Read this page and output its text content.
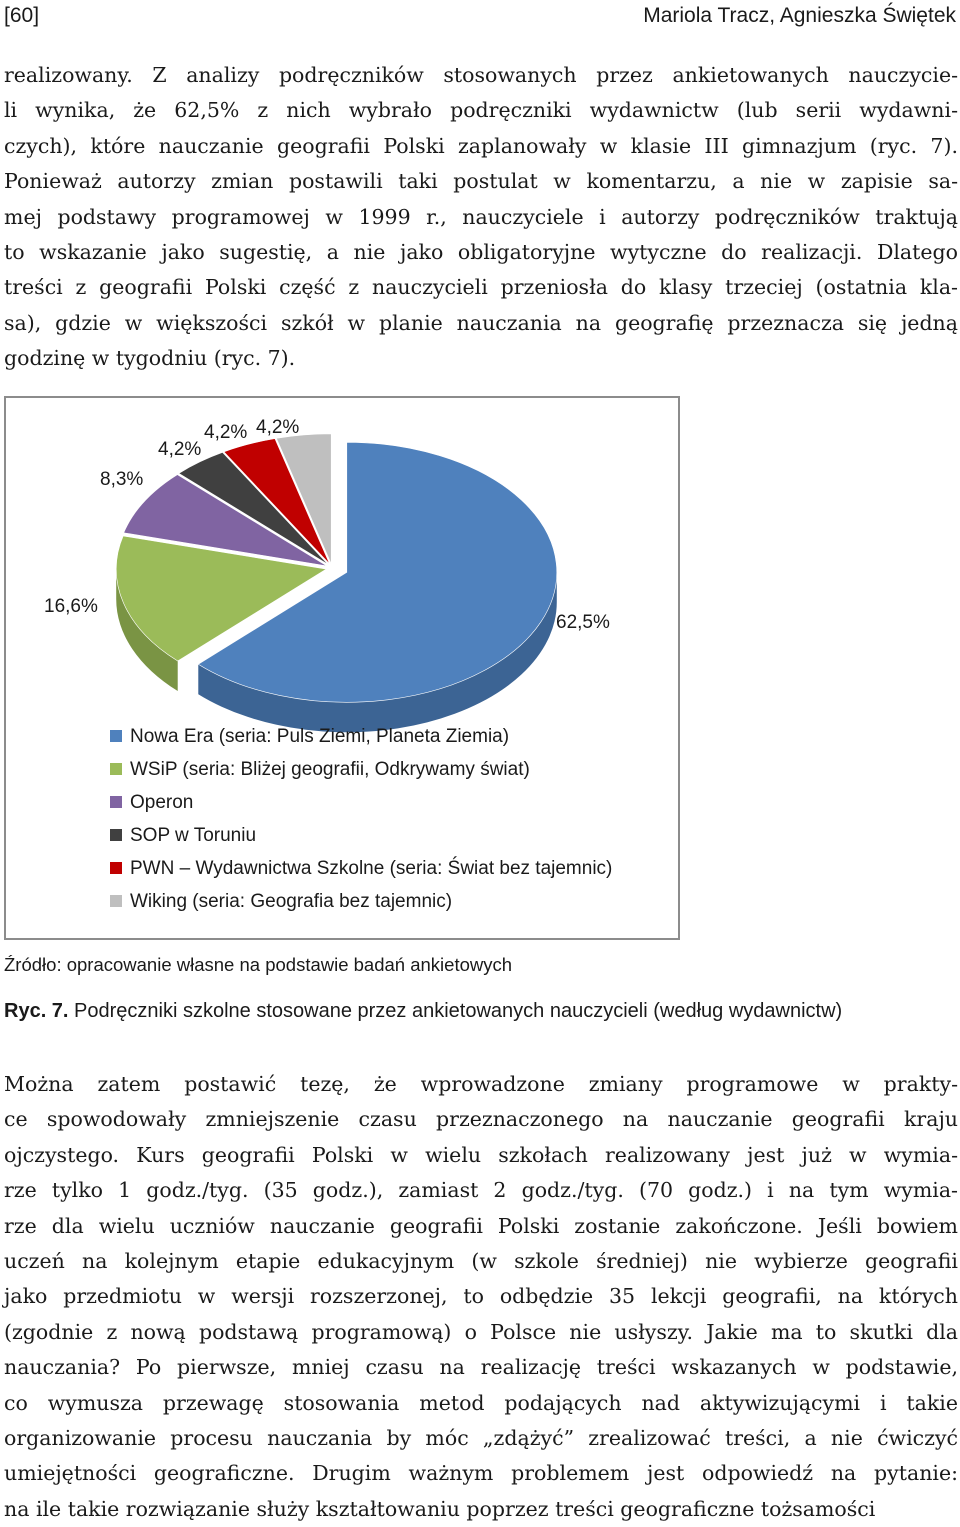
[60]	Mariola Tracz, Agnieszka Świętek
realizowany. Z analizy podręczników stosowanych przez ankietowanych nauczycie-
li wynika, że 62,5% z nich wybrało podręczniki wydawnictw (lub serii wydawni-
czych), które nauczanie geografii Polski zaplanowały w klasie III gimnazjum (ryc. 7).
Ponieważ autorzy zmian postawili taki postulat w komentarzu, a nie w zapisie sa-
mej podstawy programowej w 1999 r., nauczyciele i autorzy podręczników traktują
to wskazanie jako sugestię, a nie jako obligatoryjne wytyczne do realizacji. Dlatego
treści z geografii Polski część z nauczycieli przeniosła do klasy trzeciej (ostatnia kla-
sa), gdzie w większości szkół w planie nauczania na geografię przeznacza się jedną
godzinę w tygodniu (ryc. 7).
62,5%
16,6%
8,3%
4,2%
4,2% 4,2%
Nowa Era (seria: Puls Ziemi, Planeta Ziemia)
WSiP (seria: Bliżej geografii, Odkrywamy świat)
Operon
SOP w Toruniu
PWN – Wydawnictwa Szkolne (seria: Świat bez tajemnic)
Wiking (seria: Geografia bez tajemnic)
Źródło: opracowanie własne na podstawie badań ankietowych
Ryc. 7. Podręczniki szkolne stosowane przez ankietowanych nauczycieli (według wydawnictw)
Można zatem postawić tezę, że wprowadzone zmiany programowe w prakty-
ce spowodowały zmniejszenie czasu przeznaczonego na nauczanie geografii kraju
ojczystego. Kurs geografii Polski w wielu szkołach realizowany jest już w wymia-
rze tylko 1 godz./tyg. (35 godz.), zamiast 2 godz./tyg. (70 godz.) i na tym wymia-
rze dla wielu uczniów nauczanie geografii Polski zostanie zakończone. Jeśli bowiem
uczeń na kolejnym etapie edukacyjnym (w szkole średniej) nie wybierze geografii
jako przedmiotu w wersji rozszerzonej, to odbędzie 35 lekcji geografii, na których
(zgodnie z nową podstawą programową) o Polsce nie usłyszy. Jakie ma to skutki dla
nauczania? Po pierwsze, mniej czasu na realizację treści wskazanych w podstawie,
co wymusza przewagę stosowania metod podających nad aktywizującymi i takie
organizowanie procesu nauczania by móc „zdążyć” zrealizować treści, a nie ćwiczyć
umiejętności geograficzne. Drugim ważnym problemem jest odpowiedź na pytanie:
na ile takie rozwiązanie służy kształtowaniu poprzez treści geograficzne tożsamości
